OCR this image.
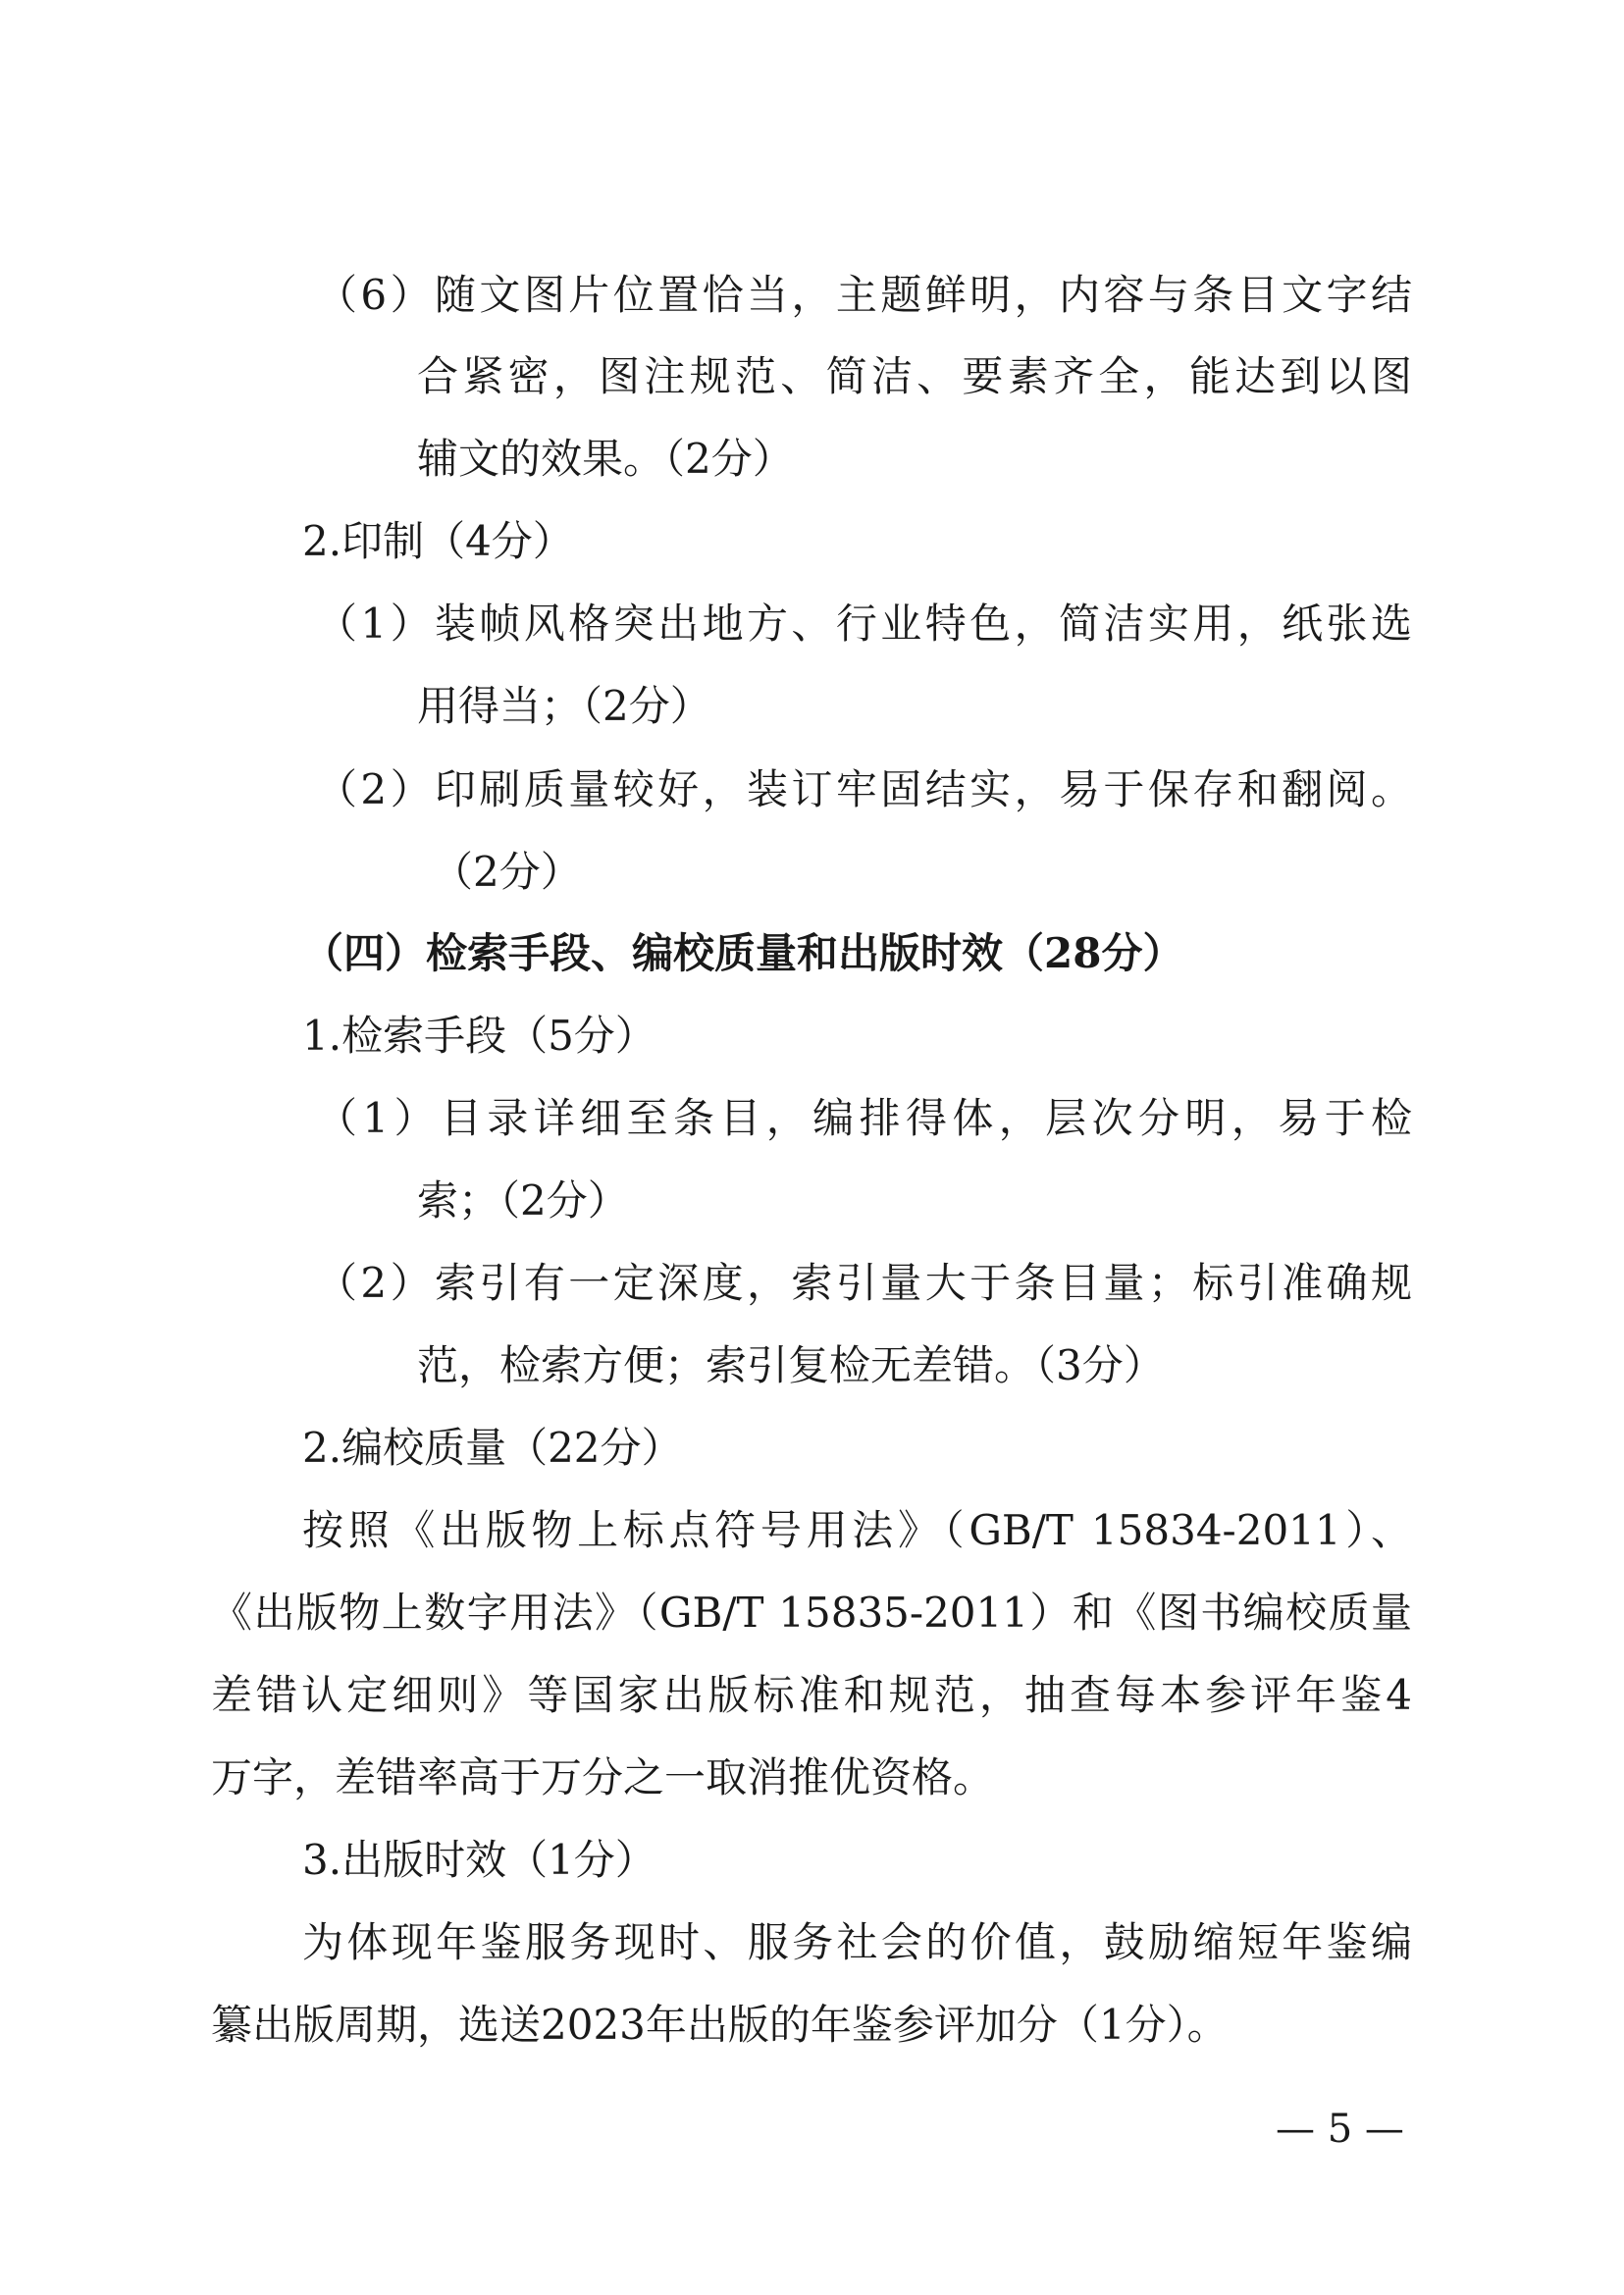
（6）随文图片位置恰当，主题鲜明，内容与条目文字结
合紧密，图注规范、简洁、要素齐全，能达到以图
辅文的效果。（2分）
2.印制（4分）
（1）装帧风格突出地方、行业特色，简洁实用，纸张选
用得当；（2分）
（2）印刷质量较好，装订牢固结实，易于保存和翻阅。
（2分）
（四）检索手段、编校质量和出版时效（28分）
1.检索手段（5分）
（1）目录详细至条目，编排得体，层次分明，易于检
索；（2分）
（2）索引有一定深度，索引量大于条目量；标引准确规
范，检索方便；索引复检无差错。（3分）
2.编校质量（22分）
按照《出版物上标点符号用法》（GB/T 15834-2011）、
《出版物上数字用法》（GB/T 15835-2011）和《图书编校质量
差错认定细则》等国家出版标准和规范，抽查每本参评年鉴4
万字，差错率高于万分之一取消推优资格。
3.出版时效（1分）
为体现年鉴服务现时、服务社会的价值，鼓励缩短年鉴编
纂出版周期，选送2023年出版的年鉴参评加分（1分）。
— 5 —
